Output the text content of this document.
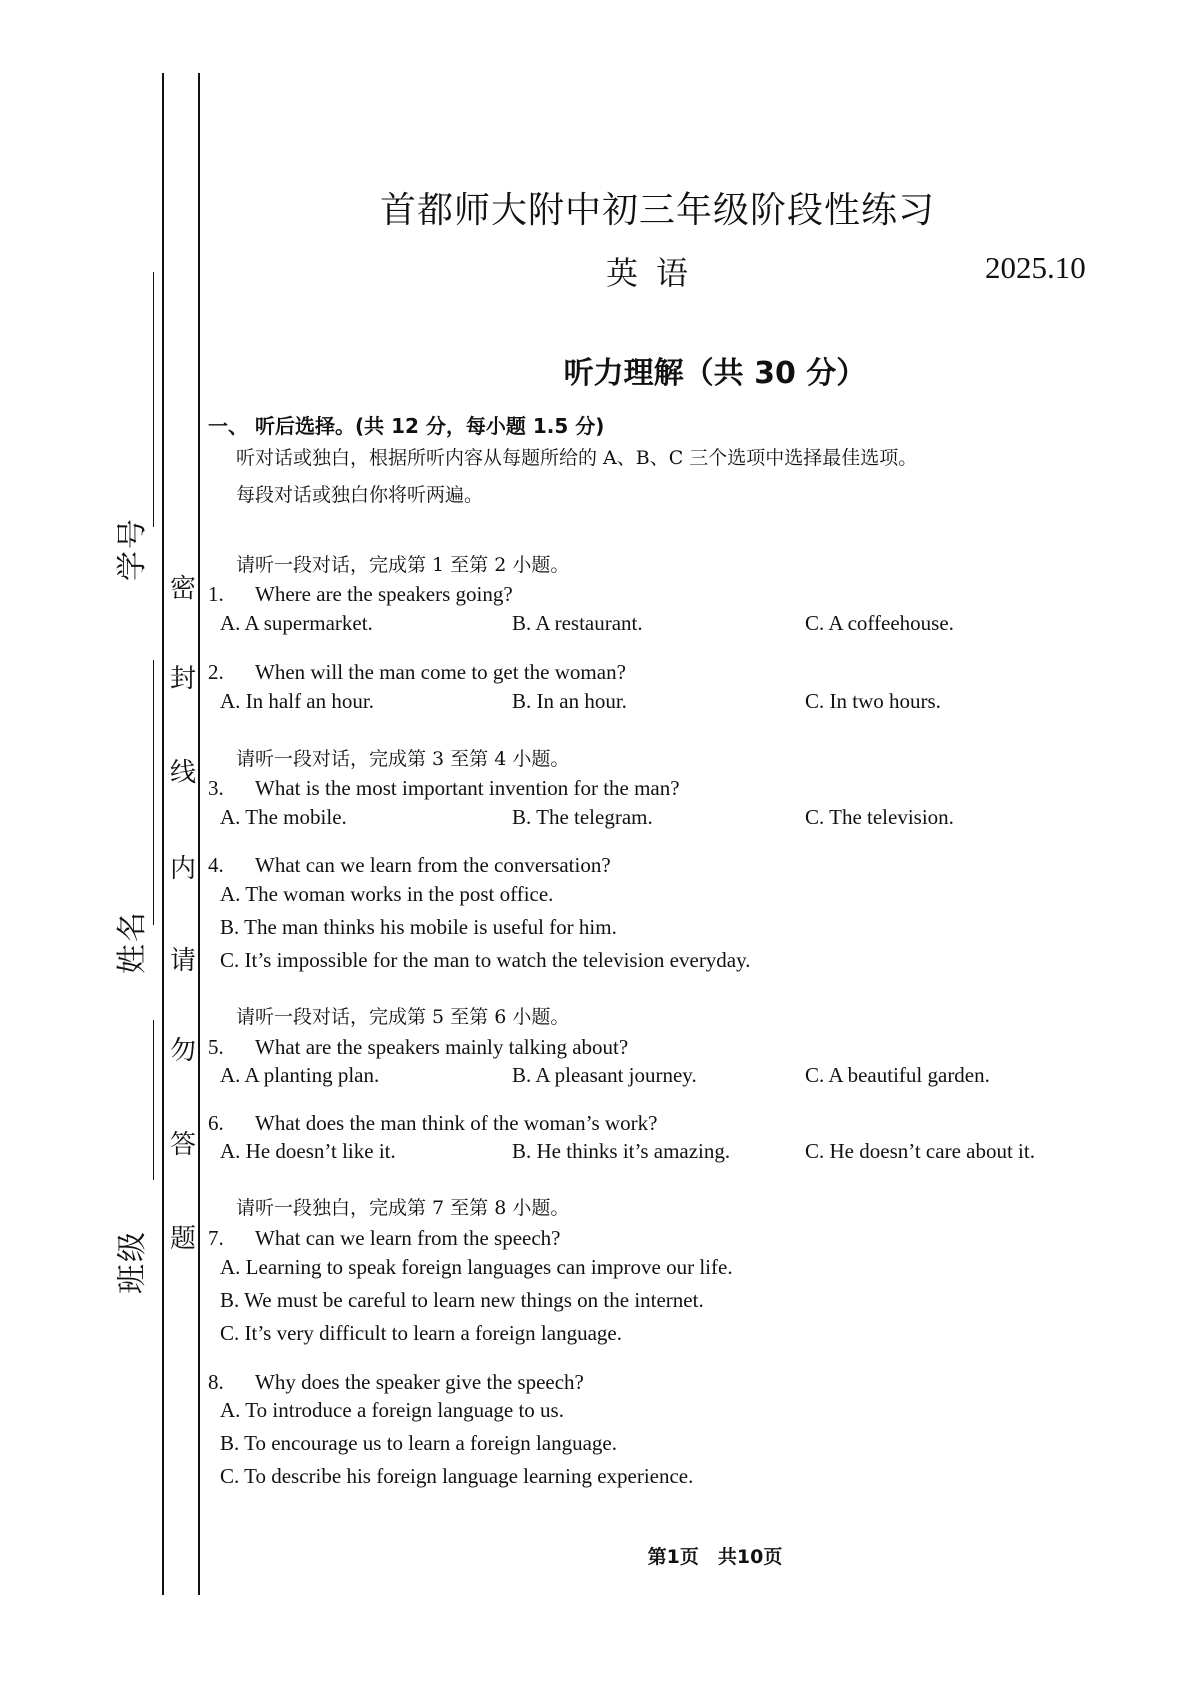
学号
姓名
班级
密
封
线
内
请
勿
答
题
首都师大附中初三年级阶段性练习
英语	2025.10
听力理解（共 30 分）
一、 听后选择。(共 12 分，每小题 1.5 分)
听对话或独白，根据所听内容从每题所给的 A、B、C 三个选项中选择最佳选项。
每段对话或独白你将听两遍。
请听一段对话，完成第 1 至第 2 小题。
1. Where are the speakers going?
A. A supermarket.	B. A restaurant.	C. A coffeehouse.
2. When will the man come to get the woman?
A. In half an hour.	B. In an hour.	C. In two hours.
请听一段对话，完成第 3 至第 4 小题。
3. What is the most important invention for the man?
A. The mobile.	B. The telegram.	C. The television.
4. What can we learn from the conversation?
A. The woman works in the post office.
B. The man thinks his mobile is useful for him.
C. It’s impossible for the man to watch the television everyday.
请听一段对话，完成第 5 至第 6 小题。
5. What are the speakers mainly talking about?
A. A planting plan.	B. A pleasant journey.	C. A beautiful garden.
6. What does the man think of the woman’s work?
A. He doesn’t like it.	B. He thinks it’s amazing.	C. He doesn’t care about it.
请听一段独白，完成第 7 至第 8 小题。
7. What can we learn from the speech?
A. Learning to speak foreign languages can improve our life.
B. We must be careful to learn new things on the internet.
C. It’s very difficult to learn a foreign language.
8. Why does the speaker give the speech?
A. To introduce a foreign language to us.
B. To encourage us to learn a foreign language.
C. To describe his foreign language learning experience.
第1页　共10页
